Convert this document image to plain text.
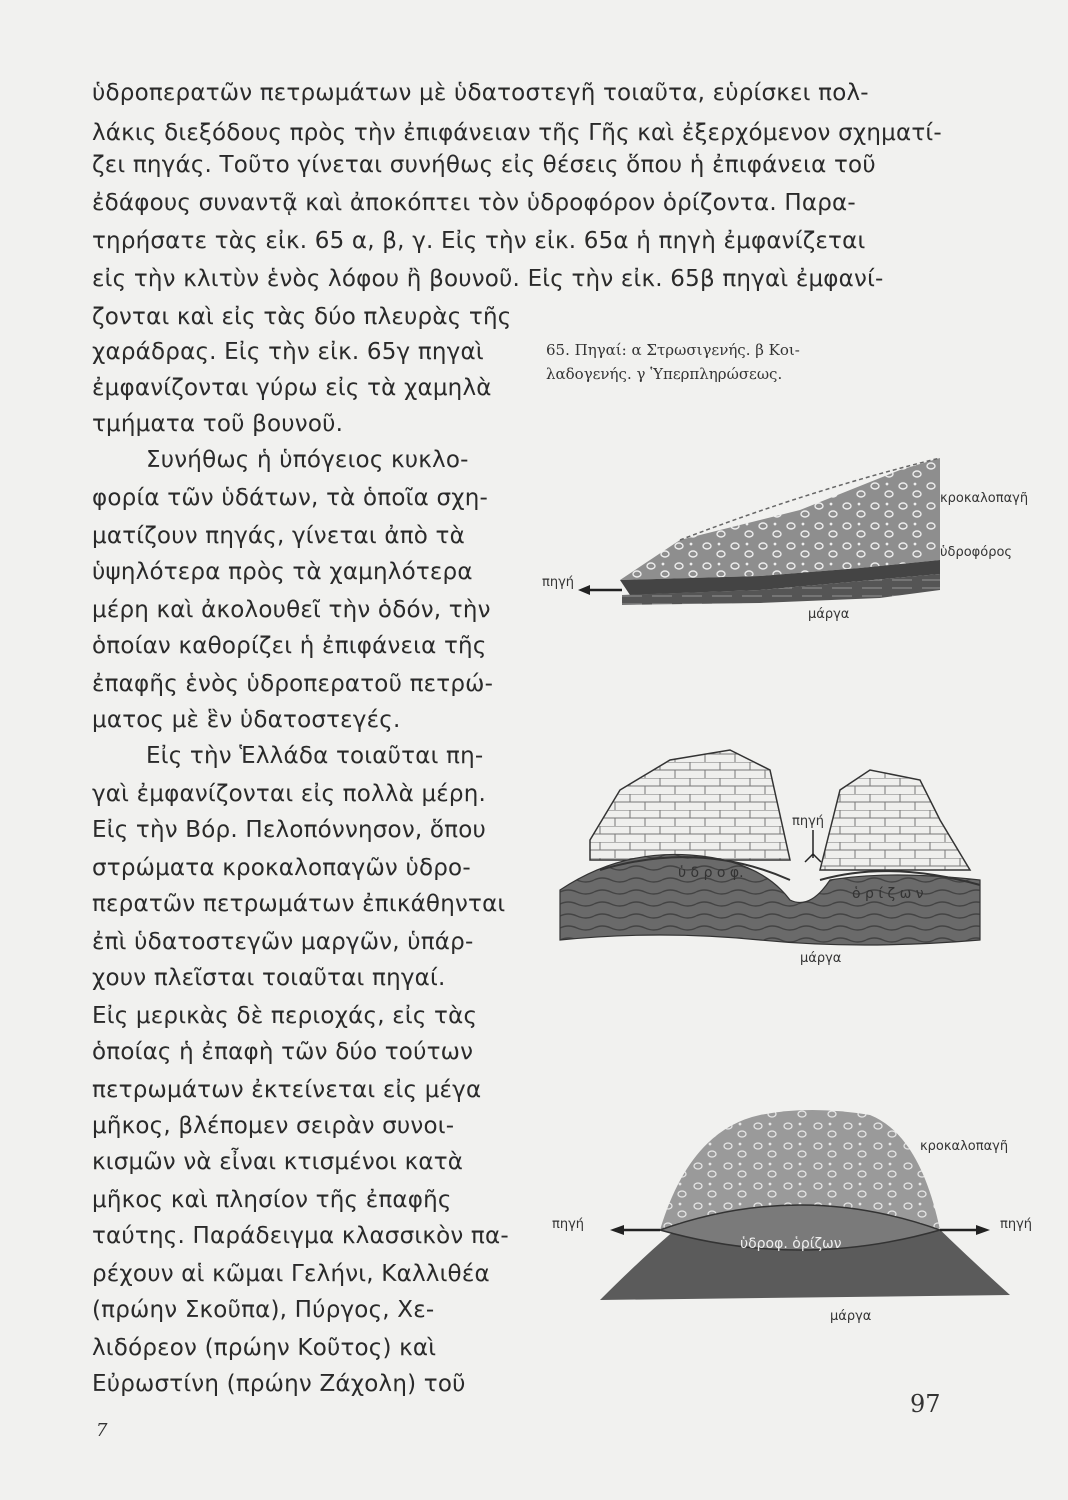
ὑδροπερατῶν πετρωμάτων μὲ ὑδατοστεγῆ τοιαῦτα, εὑρίσκει πολ-
λάκις διεξόδους πρὸς τὴν ἐπιφάνειαν τῆς Γῆς καὶ ἐξερχόμενον σχηματί-
ζει πηγάς. Τοῦτο γίνεται συνήθως εἰς θέσεις ὅπου ἡ ἐπιφάνεια τοῦ
ἐδάφους συναντᾷ καὶ ἀποκόπτει τὸν ὑδροφόρον ὁρίζοντα. Παρα-
τηρήσατε τὰς εἰκ. 65 α, β, γ. Εἰς τὴν εἰκ. 65α ἡ πηγὴ ἐμφανίζεται
εἰς τὴν κλιτὺν ἑνὸς λόφου ἢ βουνοῦ. Εἰς τὴν εἰκ. 65β πηγαὶ ἐμφανί-
ζονται καὶ εἰς τὰς δύο πλευρὰς τῆς
χαράδρας. Εἰς τὴν εἰκ. 65γ πηγαὶ
ἐμφανίζονται γύρω εἰς τὰ χαμηλὰ
τμήματα τοῦ βουνοῦ.
Συνήθως ἡ ὑπόγειος κυκλο-
φορία τῶν ὑδάτων, τὰ ὁποῖα σχη-
ματίζουν πηγάς, γίνεται ἀπὸ τὰ
ὑψηλότερα πρὸς τὰ χαμηλότερα
μέρη καὶ ἀκολουθεῖ τὴν ὁδόν, τὴν
ὁποίαν καθορίζει ἡ ἐπιφάνεια τῆς
ἐπαφῆς ἑνὸς ὑδροπερατοῦ πετρώ-
ματος μὲ ἓν ὑδατοστεγές.
Εἰς τὴν Ἑλλάδα τοιαῦται πη-
γαὶ ἐμφανίζονται εἰς πολλὰ μέρη.
Εἰς τὴν Βόρ. Πελοπόννησον, ὅπου
στρώματα κροκαλοπαγῶν ὑδρο-
περατῶν πετρωμάτων ἐπικάθηνται
ἐπὶ ὑδατοστεγῶν μαργῶν, ὑπάρ-
χουν πλεῖσται τοιαῦται πηγαί.
Εἰς μερικὰς δὲ περιοχάς, εἰς τὰς
ὁποίας ἡ ἐπαφὴ τῶν δύο τούτων
πετρωμάτων ἐκτείνεται εἰς μέγα
μῆκος, βλέπομεν σειρὰν συνοι-
κισμῶν νὰ εἶναι κτισμένοι κατὰ
μῆκος καὶ πλησίον τῆς ἐπαφῆς
ταύτης. Παράδειγμα κλασσικὸν πα-
ρέχουν αἱ κῶμαι Γελήνι, Καλλιθέα
(πρώην Σκοῦπα), Πύργος, Χε-
λιδόρεον (πρώην Κοῦτος) καὶ
Εὐρωστίνη (πρώην Ζάχολη) τοῦ
65. Πηγαί: α Στρωσιγενής. β Κοι-
λαδογενής. γ Ὑπερπληρώσεως.
κροκαλοπαγῆ
ὑδροφόρος
πηγή
μάργα
πηγή
ὑ δ ρ ο φ.
ὁ ρ ί ζ ω ν
μάργα
κροκαλοπαγῆ
πηγή	πηγή
ὑδροφ. ὁρίζων
μάργα
97
7
